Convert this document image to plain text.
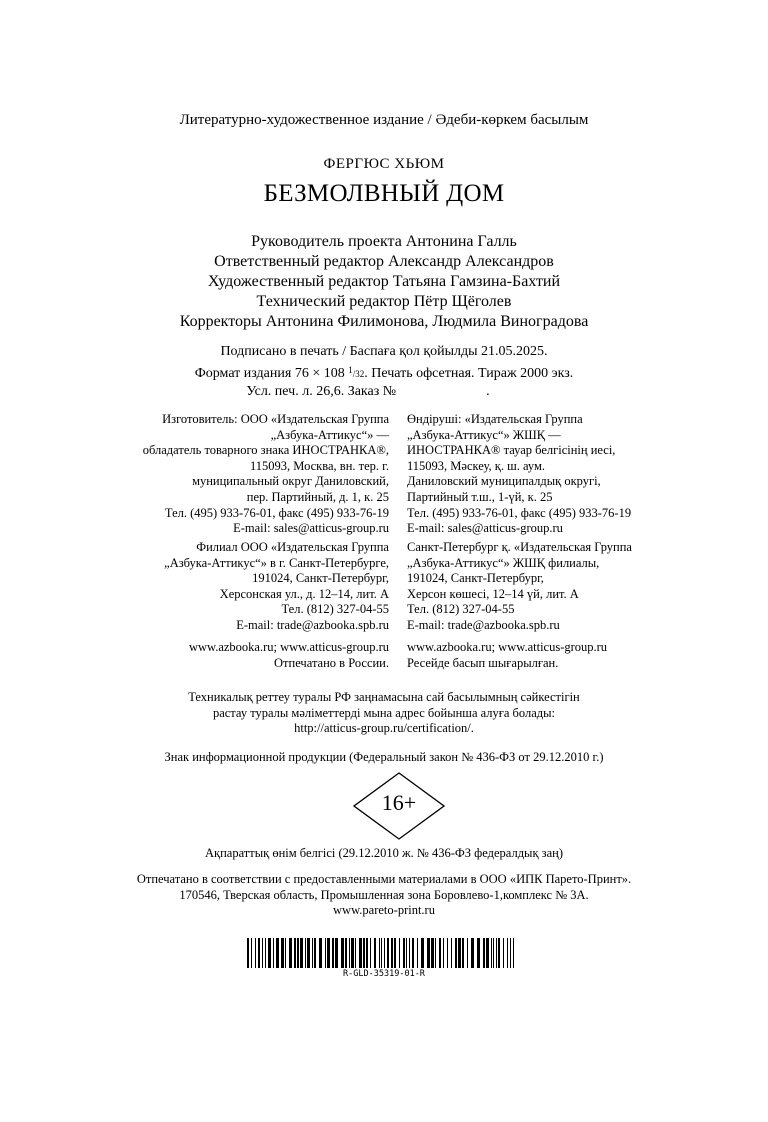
Литературно-художественное издание / Әдеби-көркем басылым
ФЕРГЮС ХЬЮМ
БЕЗМОЛВНЫЙ ДОМ
Руководитель проекта Антонина Галль
Ответственный редактор Александр Александров
Художественный редактор Татьяна Гамзина-Бахтий
Технический редактор Пётр Щёголев
Корректоры Антонина Филимонова, Людмила Виноградова
Подписано в печать / Баспаға қол қойылды 21.05.2025.
Формат издания 76 × 108 $^1$/32. Печать офсетная. Тираж 2000 экз.
Усл. печ. л. 26,6. Заказ №	.
Изготовитель: ООО «Издательская Группа
„Азбука-Аттикус“» —
обладатель товарного знака ИНОСТРАНКА®,
115093, Москва, вн. тер. г.
муниципальный округ Даниловский,
пер. Партийный, д. 1, к. 25
Тел. (495) 933-76-01, факс (495) 933-76-19
E-mail: sales@atticus-group.ru
Өндіруші: «Издательская Группа
„Азбука-Аттикус“» ЖШҚ —
ИНОСТРАНКА® тауар белгісінің иесі,
115093, Мәскеу, қ. ш. аум.
Даниловский муниципалдық округі,
Партийный т.ш., 1-үй, к. 25
Тел. (495) 933-76-01, факс (495) 933-76-19
E-mail: sales@atticus-group.ru
Филиал ООО «Издательская Группа
„Азбука-Аттикус“» в г. Санкт-Петербурге,
191024, Санкт-Петербург,
Херсонская ул., д. 12–14, лит. А
Тел. (812) 327-04-55
E-mail: trade@azbooka.spb.ru
Санкт-Петербург қ. «Издательская Группа
„Азбука-Аттикус“» ЖШҚ филиалы,
191024, Санкт-Петербург,
Херсон көшесі, 12–14 үй, лит. А
Тел. (812) 327-04-55
E-mail: trade@azbooka.spb.ru
www.azbooka.ru; www.atticus-group.ru
Отпечатано в России.
www.azbooka.ru; www.atticus-group.ru
Ресейде басып шығарылған.
Техникалық реттеу туралы РФ заңнамасына сай басылымның сәйкестігін
растау туралы мәліметтерді мына адрес бойынша алуға болады:
http://atticus-group.ru/certification/.
Знак информационной продукции (Федеральный закон № 436-ФЗ от 29.12.2010 г.)
16+
Ақпараттық өнім белгісі (29.12.2010 ж. № 436-ФЗ федералдық заң)
Отпечатано в соответствии с предоставленными материалами в ООО «ИПК Парето-Принт».
170546, Тверская область, Промышленная зона Боровлево-1,комплекс № 3А.
www.pareto-print.ru
R-GLD-35319-01-R
